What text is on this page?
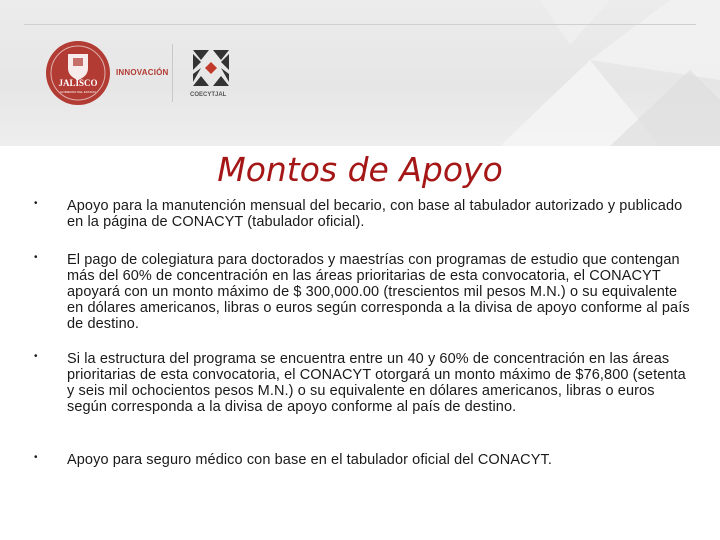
JALISCO
GOBIERNO DEL ESTADO
INNOVACIÓN
COECYTJAL
Montos de Apoyo
• Apoyo para la manutención mensual del becario, con base al tabulador autorizado y publicado en la página de CONACYT (tabulador oficial).
• El pago de colegiatura para doctorados y maestrías con programas de estudio que contengan más del 60% de concentración en las áreas prioritarias de esta convocatoria, el CONACYT apoyará con un monto máximo de $ 300,000.00 (trescientos mil pesos M.N.) o su equivalente en dólares americanos, libras o euros según corresponda a la divisa de apoyo conforme al país de destino.
• Si la estructura del programa se encuentra entre un 40 y 60% de concentración en las áreas prioritarias de esta convocatoria, el CONACYT otorgará un monto máximo de $76,800 (setenta y seis mil ochocientos pesos M.N.) o su equivalente en dólares americanos, libras o euros según corresponda a la divisa de apoyo conforme al país de destino.
• Apoyo para seguro médico con base en el tabulador oficial del CONACYT.
